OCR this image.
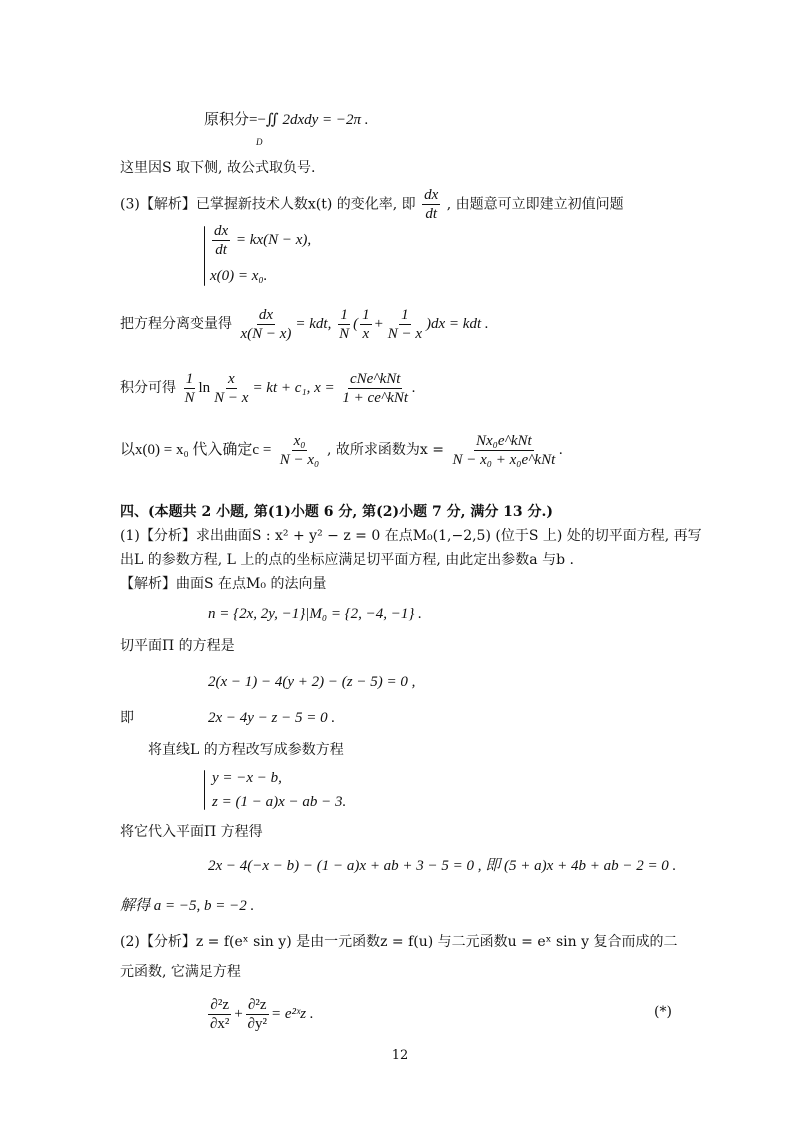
原积分=−∬ 2dxdy = −2π .
D
这里因S 取下侧, 故公式取负号.
(3)【解析】已掌握新技术人数x(t) 的变化率, 即 $\frac{dx}{dt}$ , 由题意可立即建立初值问题
$\frac{dx}{dt} = kx(N - x)$,
x(0) = x₀.
把方程分离变量得 $\frac{dx}{x(N - x)}$ = kdt, $\frac{1}{N}$ ( $\frac{1}{x} + \frac{1}{N - x} )dx$ = kdt .
积分可得 $\frac{1}{N}$ $\ln \frac{x}{N - x}$ = kt + c₁, $x = \frac{\text{cNe\textasciicircum{}kNt}}{\text{1 + ce\textasciicircum{}kNt}}$ .
以x(0) = x₀ 代入确定$c = \frac{\text{x₀}}{\text{N − x₀}}$ , 故所求函数为$x = \frac{\text{Nx₀e\textasciicircum{}kNt}}{\text{N − x₀ + x₀e\textasciicircum{}kNt}}$ .
四、(本题共 2 小题, 第(1)小题 6 分, 第(2)小题 7 分, 满分 13 分.)
(1)【分析】求出曲面S : x² + y² − z = 0 在点M₀(1,−2,5) (位于S 上) 处的切平面方程, 再写
出L 的参数方程, L 上的点的坐标应满足切平面方程, 由此定出参数a 与b .
【解析】曲面S 在点M₀ 的法向量
n = {2x, 2y, −1}|M₀ = {2, −4, −1} .
切平面Π 的方程是
2(x − 1) − 4(y + 2) − (z − 5) = 0 ,
即	2x − 4y − z − 5 = 0 .
将直线L 的方程改写成参数方程
y = −x − b,
z = (1 − a)x − ab − 3.
将它代入平面Π 方程得
2x − 4(−x − b) − (1 − a)x + ab + 3 − 5 = 0 , 即 (5 + a)x + 4b + ab − 2 = 0 .
解得 a = −5, b = −2 .
(2)【分析】z = f(eˣ sin y) 是由一元函数z = f(u) 与二元函数u = eˣ sin y 复合而成的二
元函数, 它满足方程
$\frac{\text{∂²z}}{\text{∂x²}} + \frac{\text{∂²z}}{\text{∂y²}}$ = e²ˣz .	(*)
12
